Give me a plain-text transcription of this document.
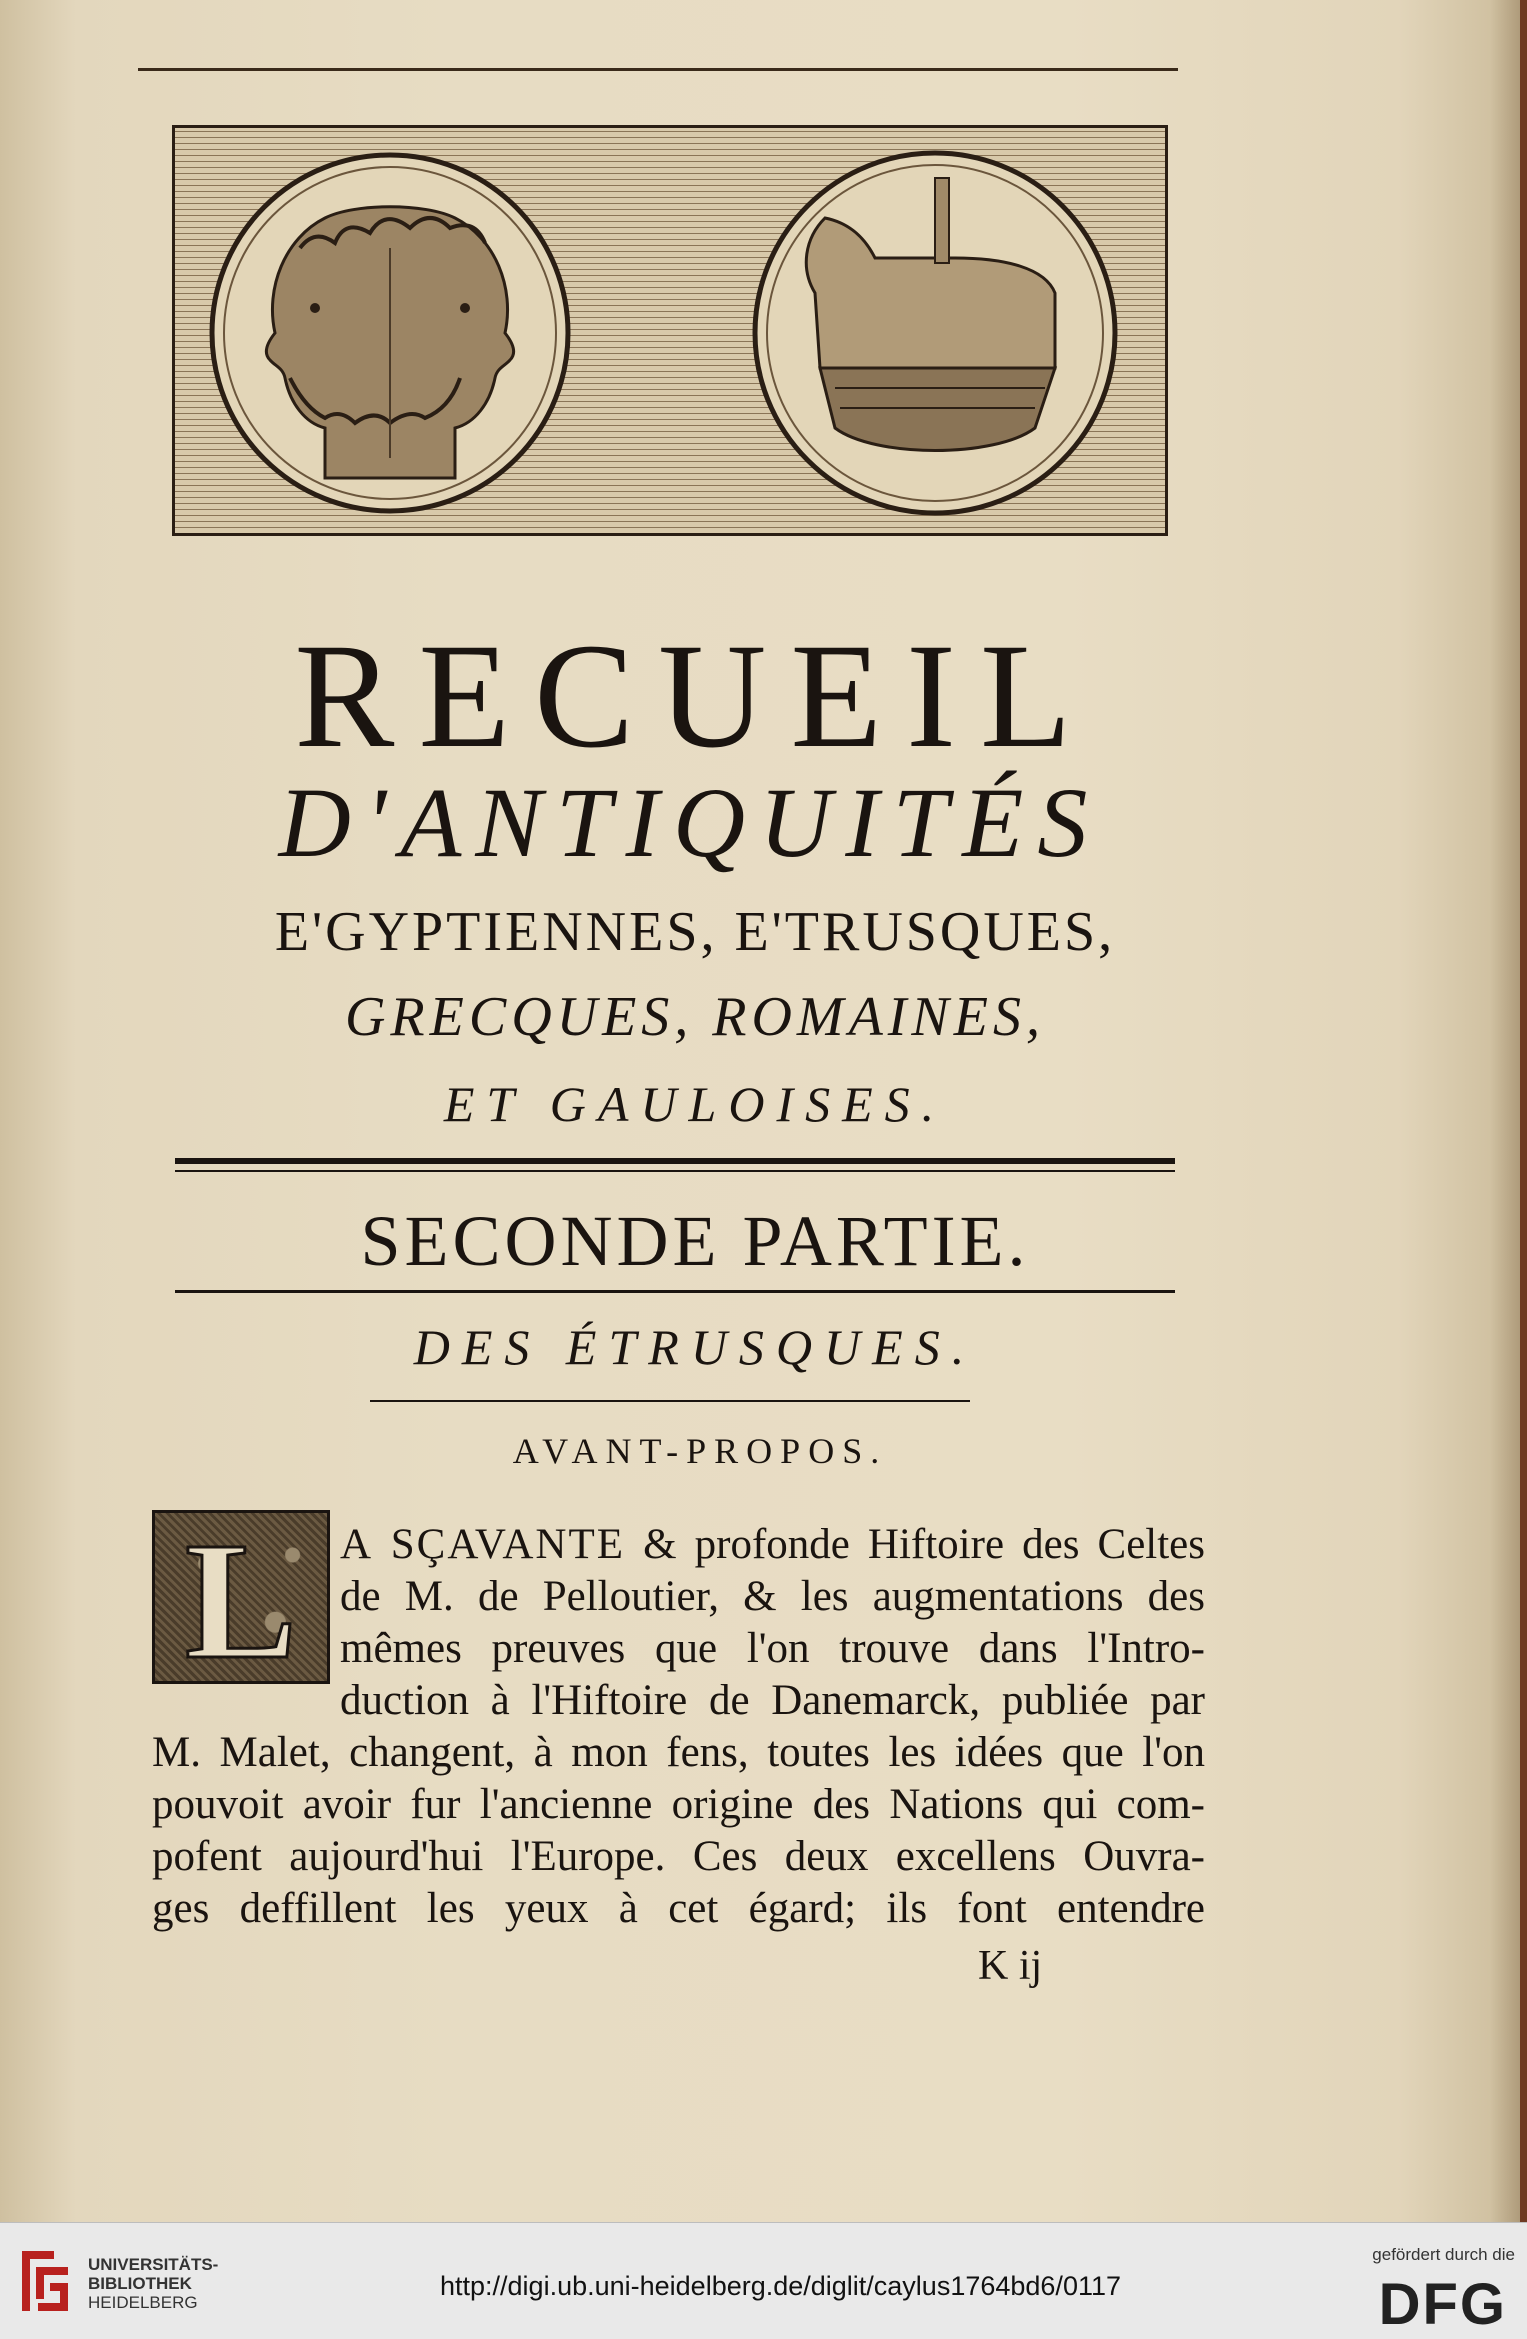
RECUEIL
D'ANTIQUITÉS
E'GYPTIENNES, E'TRUSQUES,
GRECQUES, ROMAINES,
ET GAULOISES.
SECONDE PARTIE.
DES ÉTRUSQUES.
AVANT-PROPOS.
L A SÇAVANTE & profonde Hiftoire des Celtes
de M. de Pelloutier, & les augmentations des
mêmes preuves que l'on trouve dans l'Intro-
duction à l'Hiftoire de Danemarck, publiée par
M. Malet, changent, à mon fens, toutes les idées que l'on
pouvoit avoir fur l'ancienne origine des Nations qui com-
pofent aujourd'hui l'Europe. Ces deux excellens Ouvra-
ges deffillent les yeux à cet égard; ils font entendre
K ij
UNIVERSITÄTS-
BIBLIOTHEK
HEIDELBERG
http://digi.ub.uni-heidelberg.de/diglit/caylus1764bd6/0117
gefördert durch die
DFG
